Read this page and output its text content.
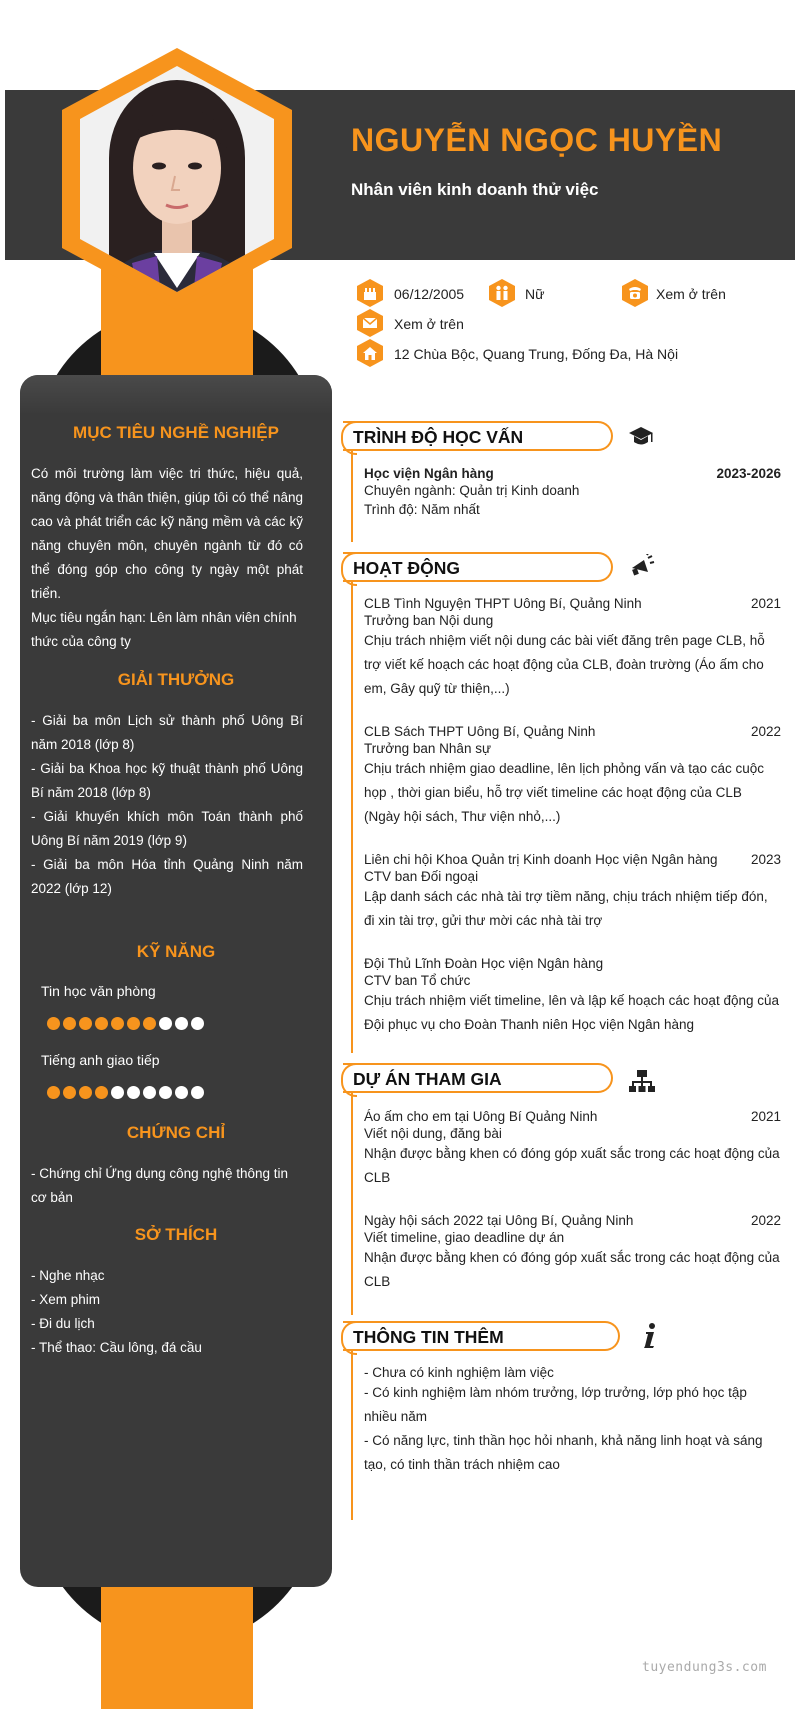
NGUYỄN NGỌC HUYỀN
Nhân viên kinh doanh thử việc
06/12/2005	Nữ	Xem ở trên
Xem ở trên
12 Chùa Bộc, Quang Trung, Đống Đa, Hà Nội
MỤC TIÊU NGHỀ NGHIỆP

Có môi trường làm việc tri thức, hiệu quả, năng động và thân thiện, giúp tôi có thể nâng cao và phát triển các kỹ năng mềm và các kỹ năng chuyên môn, chuyên ngành từ đó có thể đóng góp cho công ty ngày một phát triển.

Mục tiêu ngắn hạn: Lên làm nhân viên chính thức của công ty

GIẢI THƯỞNG

- Giải ba môn Lịch sử thành phố Uông Bí năm 2018 (lớp 8)

- Giải ba Khoa học kỹ thuật thành phố Uông Bí năm 2018 (lớp 8)

- Giải khuyến khích môn Toán thành phố Uông Bí năm 2019 (lớp 9)

- Giải ba môn Hóa tỉnh Quảng Ninh năm 2022 (lớp 12)

KỸ NĂNG
Tin học văn phòng
Tiếng anh giao tiếp
CHỨNG CHỈ
- Chứng chỉ Ứng dụng công nghệ thông tin cơ bản
SỞ THÍCH

- Nghe nhạc

- Xem phim

- Đi du lịch

- Thể thao: Cầu lông, đá cầu

TRÌNH ĐỘ HỌC VẤN
Học viện Ngân hàng	2023-2026
Chuyên ngành: Quản trị Kinh doanh
Trình độ: Năm nhất
HOẠT ĐỘNG
CLB Tình Nguyện THPT Uông Bí, Quảng Ninh	2021
Trưởng ban Nội dung
Chịu trách nhiệm viết nội dung các bài viết đăng trên page CLB, hỗ trợ viết kế hoạch các hoạt động của CLB, đoàn trường (Áo ấm cho em, Gây quỹ từ thiện,...)
CLB Sách THPT Uông Bí, Quảng Ninh	2022
Trưởng ban Nhân sự
Chịu trách nhiệm giao deadline, lên lịch phỏng vấn và tạo các cuộc họp , thời gian biểu, hỗ trợ viết timeline các hoạt động của CLB (Ngày hội sách, Thư viện nhỏ,...)
Liên chi hội Khoa Quản trị Kinh doanh Học viện Ngân hàng 2023
CTV ban Đối ngoại
Lập danh sách các nhà tài trợ tiềm năng, chịu trách nhiệm tiếp đón, đi xin tài trợ, gửi thư mời các nhà tài trợ
Đội Thủ Lĩnh Đoàn Học viện Ngân hàng
CTV ban Tổ chức
Chịu trách nhiệm viết timeline, lên và lập kế hoạch các hoạt động của Đội phục vụ cho Đoàn Thanh niên Học viện Ngân hàng
DỰ ÁN THAM GIA
Áo ấm cho em tại Uông Bí Quảng Ninh	2021
Viết nội dung, đăng bài
Nhận được bằng khen có đóng góp xuất sắc trong các hoạt động của CLB
Ngày hội sách 2022 tại Uông Bí, Quảng Ninh	2022
Viết timeline, giao deadline dự án
Nhận được bằng khen có đóng góp xuất sắc trong các hoạt động của CLB
THÔNG TIN THÊM
- Chưa có kinh nghiệm làm việc
- Có kinh nghiệm làm nhóm trưởng, lớp trưởng, lớp phó học tập nhiều năm
- Có năng lực, tinh thần học hỏi nhanh, khả năng linh hoạt và sáng tạo, có tinh thần trách nhiệm cao
tuyendung3s.com
